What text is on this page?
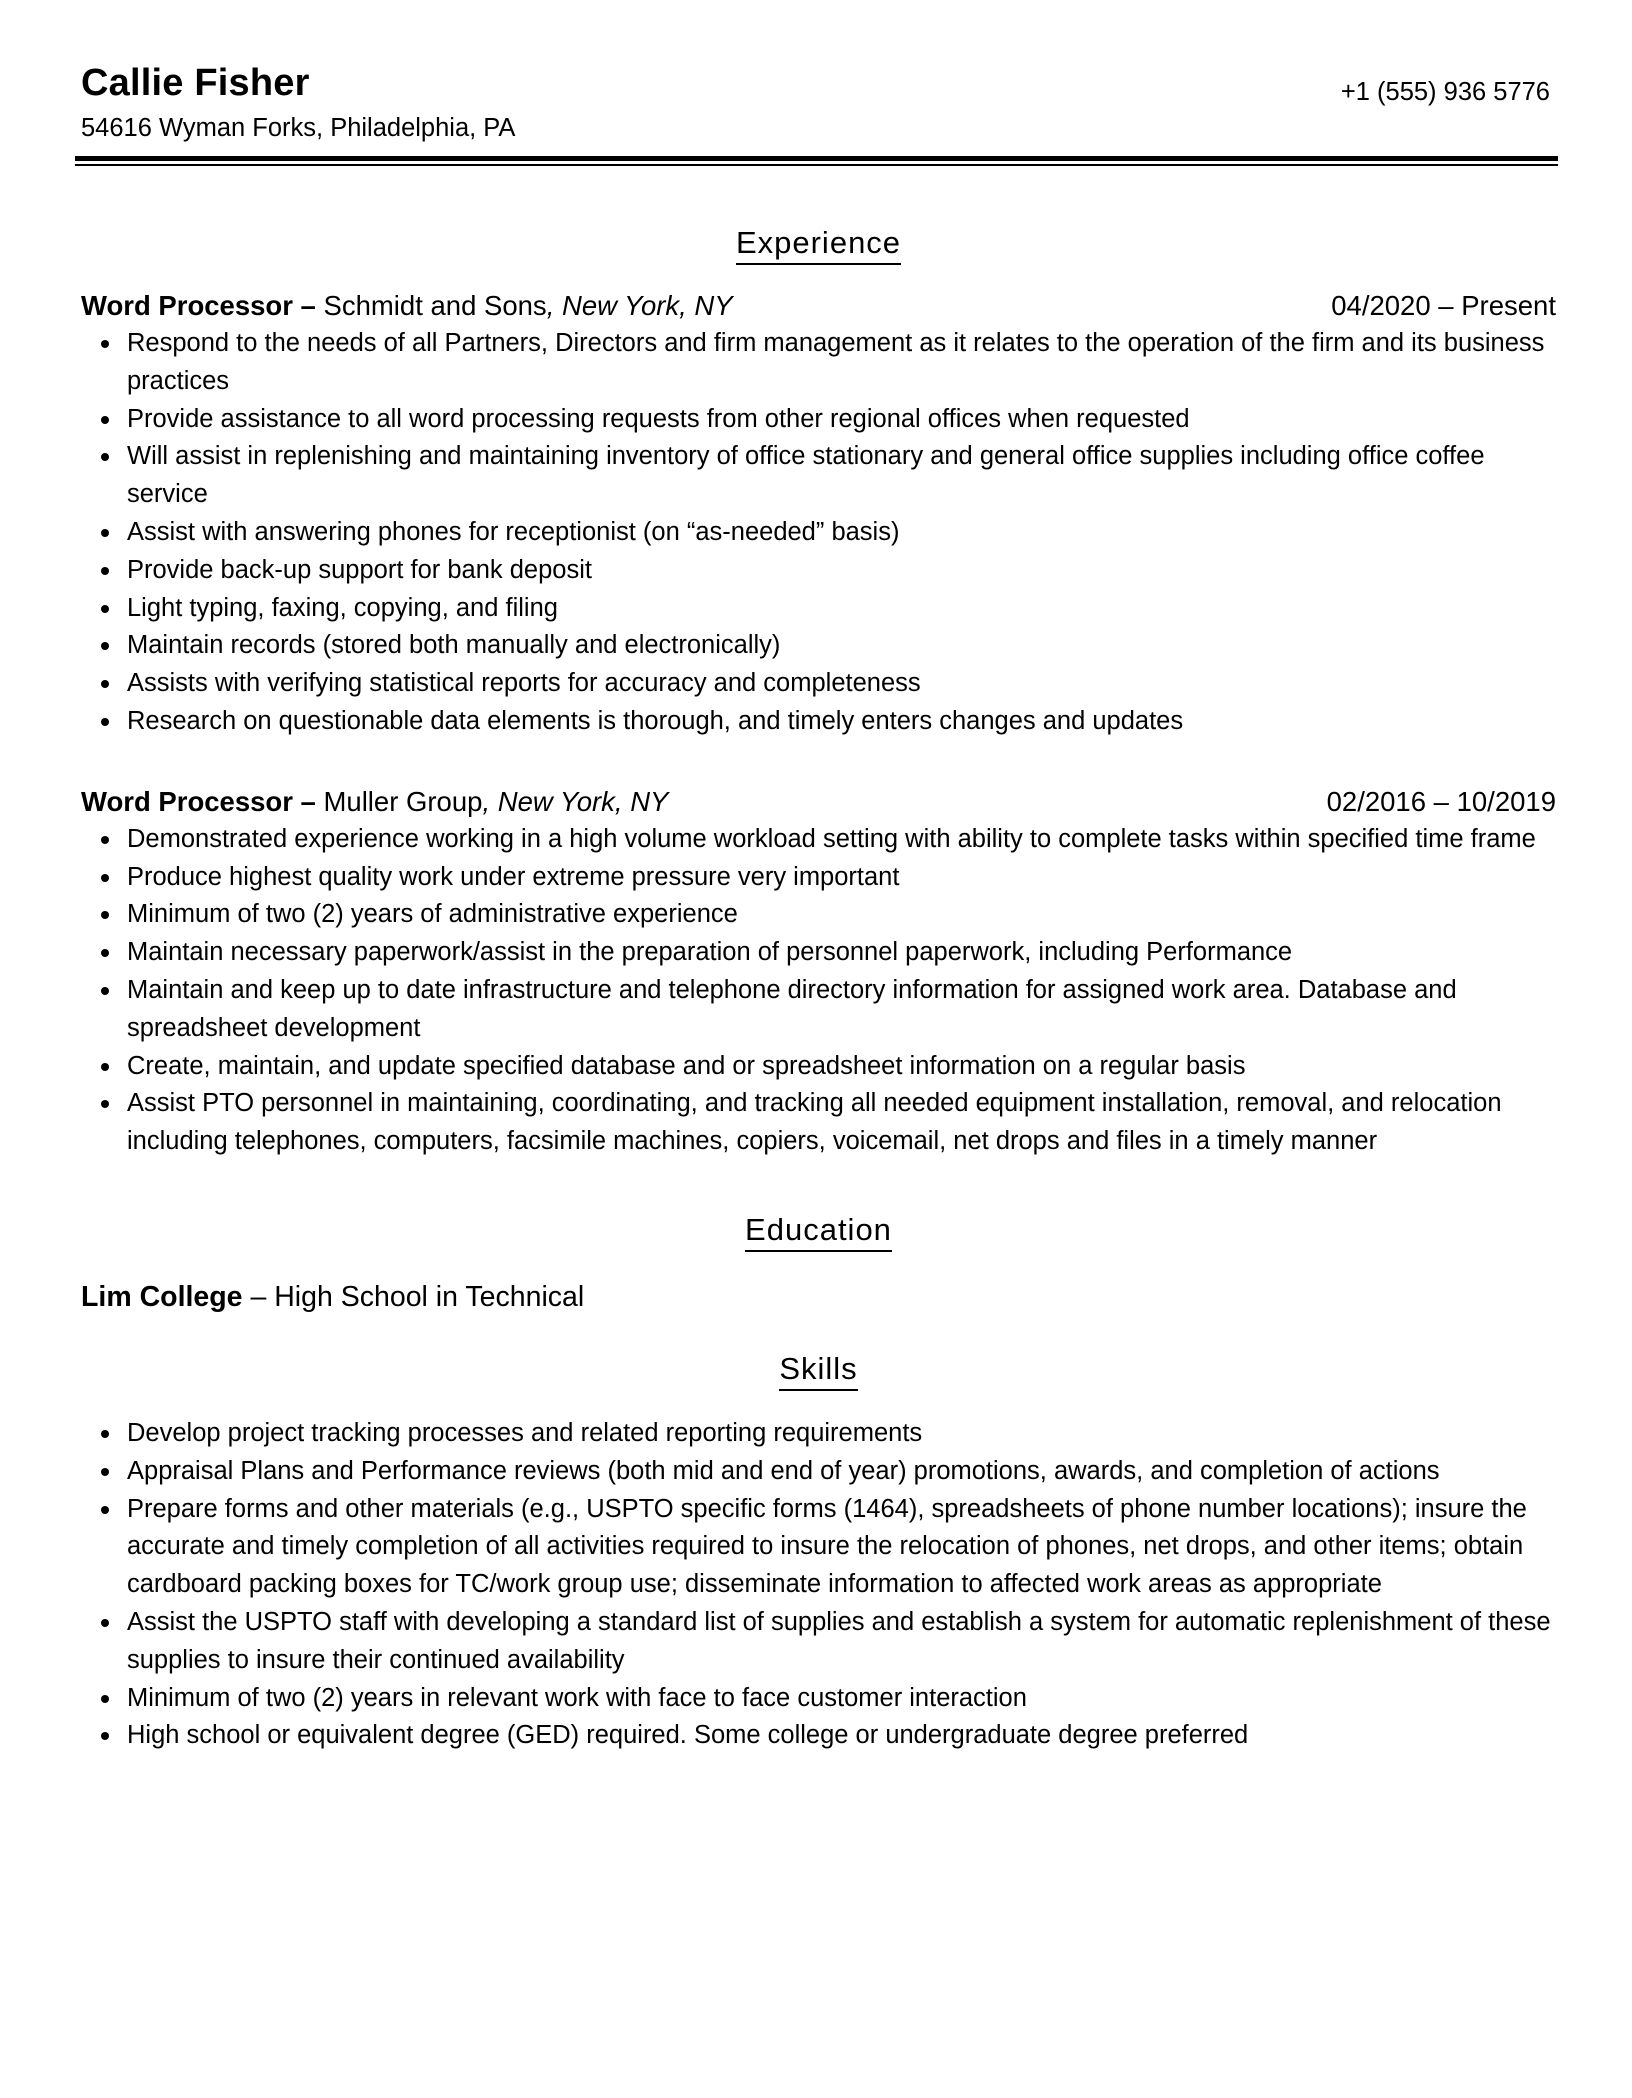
Callie Fisher
54616 Wyman Forks, Philadelphia, PA
+1 (555) 936 5776
Experience
Word Processor – Schmidt and Sons, New York, NY	04/2020 – Present
Respond to the needs of all Partners, Directors and firm management as it relates to the operation of the firm and its business practices
Provide assistance to all word processing requests from other regional offices when requested
Will assist in replenishing and maintaining inventory of office stationary and general office supplies including office coffee service
Assist with answering phones for receptionist (on “as-needed” basis)
Provide back-up support for bank deposit
Light typing, faxing, copying, and filing
Maintain records (stored both manually and electronically)
Assists with verifying statistical reports for accuracy and completeness
Research on questionable data elements is thorough, and timely enters changes and updates
Word Processor – Muller Group, New York, NY	02/2016 – 10/2019
Demonstrated experience working in a high volume workload setting with ability to complete tasks within specified time frame
Produce highest quality work under extreme pressure very important
Minimum of two (2) years of administrative experience
Maintain necessary paperwork/assist in the preparation of personnel paperwork, including Performance
Maintain and keep up to date infrastructure and telephone directory information for assigned work area. Database and spreadsheet development
Create, maintain, and update specified database and or spreadsheet information on a regular basis
Assist PTO personnel in maintaining, coordinating, and tracking all needed equipment installation, removal, and relocation including telephones, computers, facsimile machines, copiers, voicemail, net drops and files in a timely manner
Education
Lim College – High School in Technical
Skills
Develop project tracking processes and related reporting requirements
Appraisal Plans and Performance reviews (both mid and end of year) promotions, awards, and completion of actions
Prepare forms and other materials (e.g., USPTO specific forms (1464), spreadsheets of phone number locations); insure the accurate and timely completion of all activities required to insure the relocation of phones, net drops, and other items; obtain cardboard packing boxes for TC/work group use; disseminate information to affected work areas as appropriate
Assist the USPTO staff with developing a standard list of supplies and establish a system for automatic replenishment of these supplies to insure their continued availability
Minimum of two (2) years in relevant work with face to face customer interaction
High school or equivalent degree (GED) required. Some college or undergraduate degree preferred
